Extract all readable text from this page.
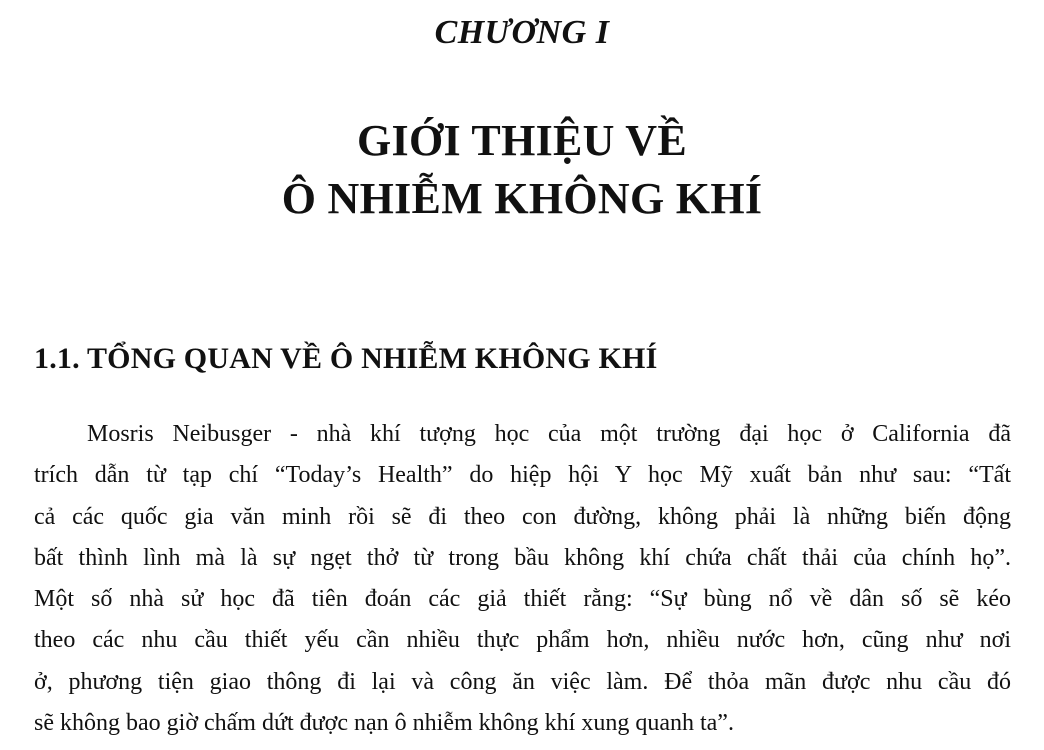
CHƯƠNG I
GIỚI THIỆU VỀ
Ô NHIỄM KHÔNG KHÍ
1.1. TỔNG QUAN VỀ Ô NHIỄM KHÔNG KHÍ
Mosris Neibusger - nhà khí tượng học của một trường đại học ở California đã
trích dẫn từ tạp chí “Today’s Health” do hiệp hội Y học Mỹ xuất bản như sau: “Tất
cả các quốc gia văn minh rồi sẽ đi theo con đường, không phải là những biến động
bất thình lình mà là sự ngẹt thở từ trong bầu không khí chứa chất thải của chính họ”.
Một số nhà sử học đã tiên đoán các giả thiết rằng: “Sự bùng nổ về dân số sẽ kéo
theo các nhu cầu thiết yếu cần nhiều thực phẩm hơn, nhiều nước hơn, cũng như nơi
ở, phương tiện giao thông đi lại và công ăn việc làm. Để thỏa mãn được nhu cầu đó
sẽ không bao giờ chấm dứt được nạn ô nhiễm không khí xung quanh ta”.
